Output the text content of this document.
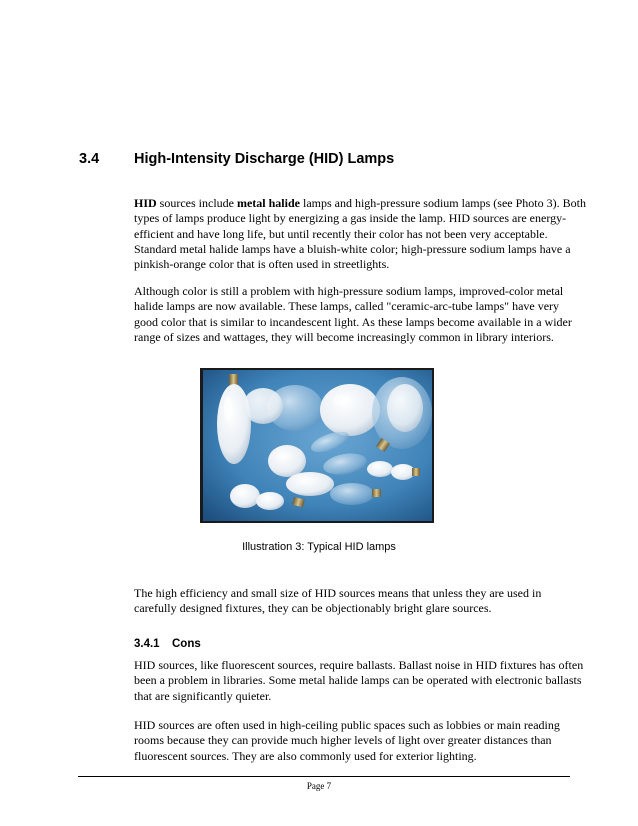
3.4 High-Intensity Discharge (HID) Lamps

HID sources include metal halide lamps and high-pressure sodium lamps (see Photo 3). Both types of lamps produce light by energizing a gas inside the lamp. HID sources are energy-efficient and have long life, but until recently their color has not been very acceptable. Standard metal halide lamps have a bluish-white color; high-pressure sodium lamps have a pinkish-orange color that is often used in streetlights.

Although color is still a problem with high-pressure sodium lamps, improved-color metal halide lamps are now available. These lamps, called "ceramic-arc-tube lamps" have very good color that is similar to incandescent light. As these lamps become available in a wider range of sizes and wattages, they will become increasingly common in library interiors.

Illustration 3: Typical HID lamps

The high efficiency and small size of HID sources means that unless they are used in carefully designed fixtures, they can be objectionably bright glare sources.

3.4.1 Cons

HID sources, like fluorescent sources, require ballasts. Ballast noise in HID fixtures has often been a problem in libraries. Some metal halide lamps can be operated with electronic ballasts that are significantly quieter.

HID sources are often used in high-ceiling public spaces such as lobbies or main reading rooms because they can provide much higher levels of light over greater distances than fluorescent sources. They are also commonly used for exterior lighting.

Page 7
